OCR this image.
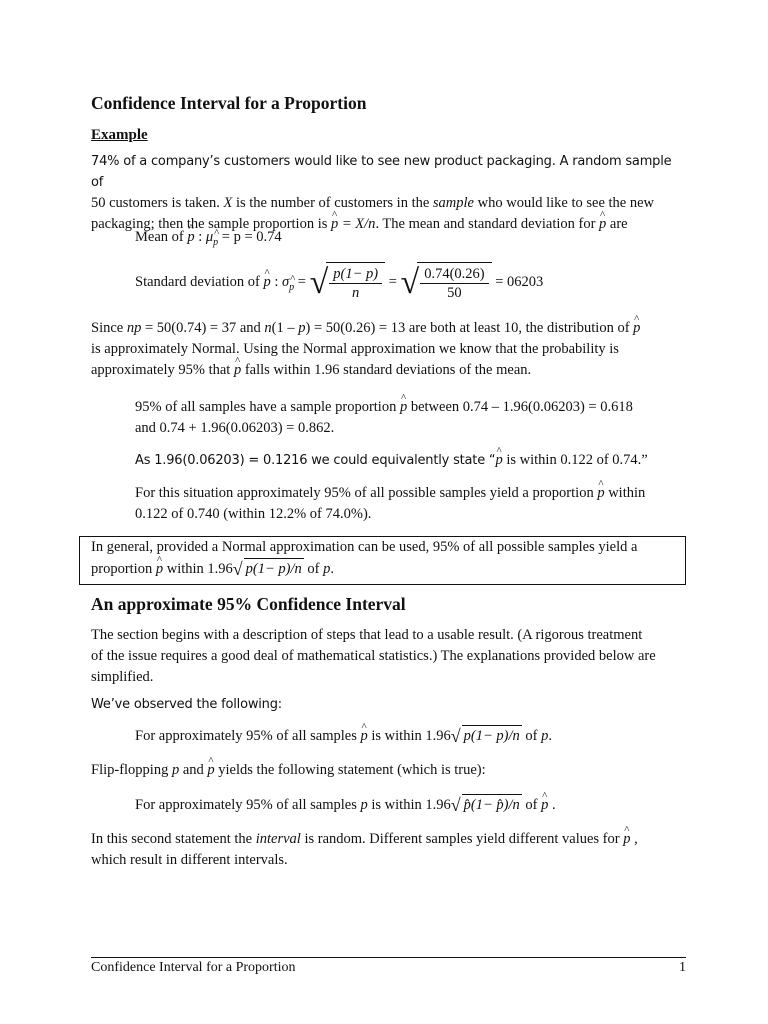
Confidence Interval for a Proportion
Example
74% of a company’s customers would like to see new product packaging. A random sample of
50 customers is taken. X is the number of customers in the sample who would like to see the new
packaging; then the sample proportion is ^ p = X/n. The mean and standard deviation for ^ p are
Mean of ^ p : μ^ p = p = 0.74
Standard deviation of ^ p : σ^ p = √ $\frac{p(1- p)}{n}$ = √ $\frac{0.74(0.26)}{50} = 06203$
Since np = 50(0.74) = 37 and n(1 – p) = 50(0.26) = 13 are both at least 10, the distribution of ^ p
is approximately Normal. Using the Normal approximation we know that the probability is
approximately 95% that ^ p falls within 1.96 standard deviations of the mean.
95% of all samples have a sample proportion ^ p between 0.74 – 1.96(0.06203) = 0.618
and 0.74 + 1.96(0.06203) = 0.862.
As 1.96(0.06203) = 0.1216 we could equivalently state “^ p is within 0.122 of 0.74.”
For this situation approximately 95% of all possible samples yield a proportion ^ p within
0.122 of 0.740 (within 12.2% of 74.0%).
In general, provided a Normal approximation can be used, 95% of all possible samples yield a
proportion ^ p within 1.96√ p(1− p)/n of p.
An approximate 95% Confidence Interval
The section begins with a description of steps that lead to a usable result. (A rigorous treatment
of the issue requires a good deal of mathematical statistics.) The explanations provided below are
simplified.
We’ve observed the following:
For approximately 95% of all samples ^ p is within 1.96√ p(1− p)/n of p.
Flip-flopping p and ^ p yields the following statement (which is true):
For approximately 95% of all samples p is within 1.96√ p̂(1− p̂)/n of ^ p .
In this second statement the interval is random. Different samples yield different values for ^ p ,
which result in different intervals.
Confidence Interval for a Proportion	1
